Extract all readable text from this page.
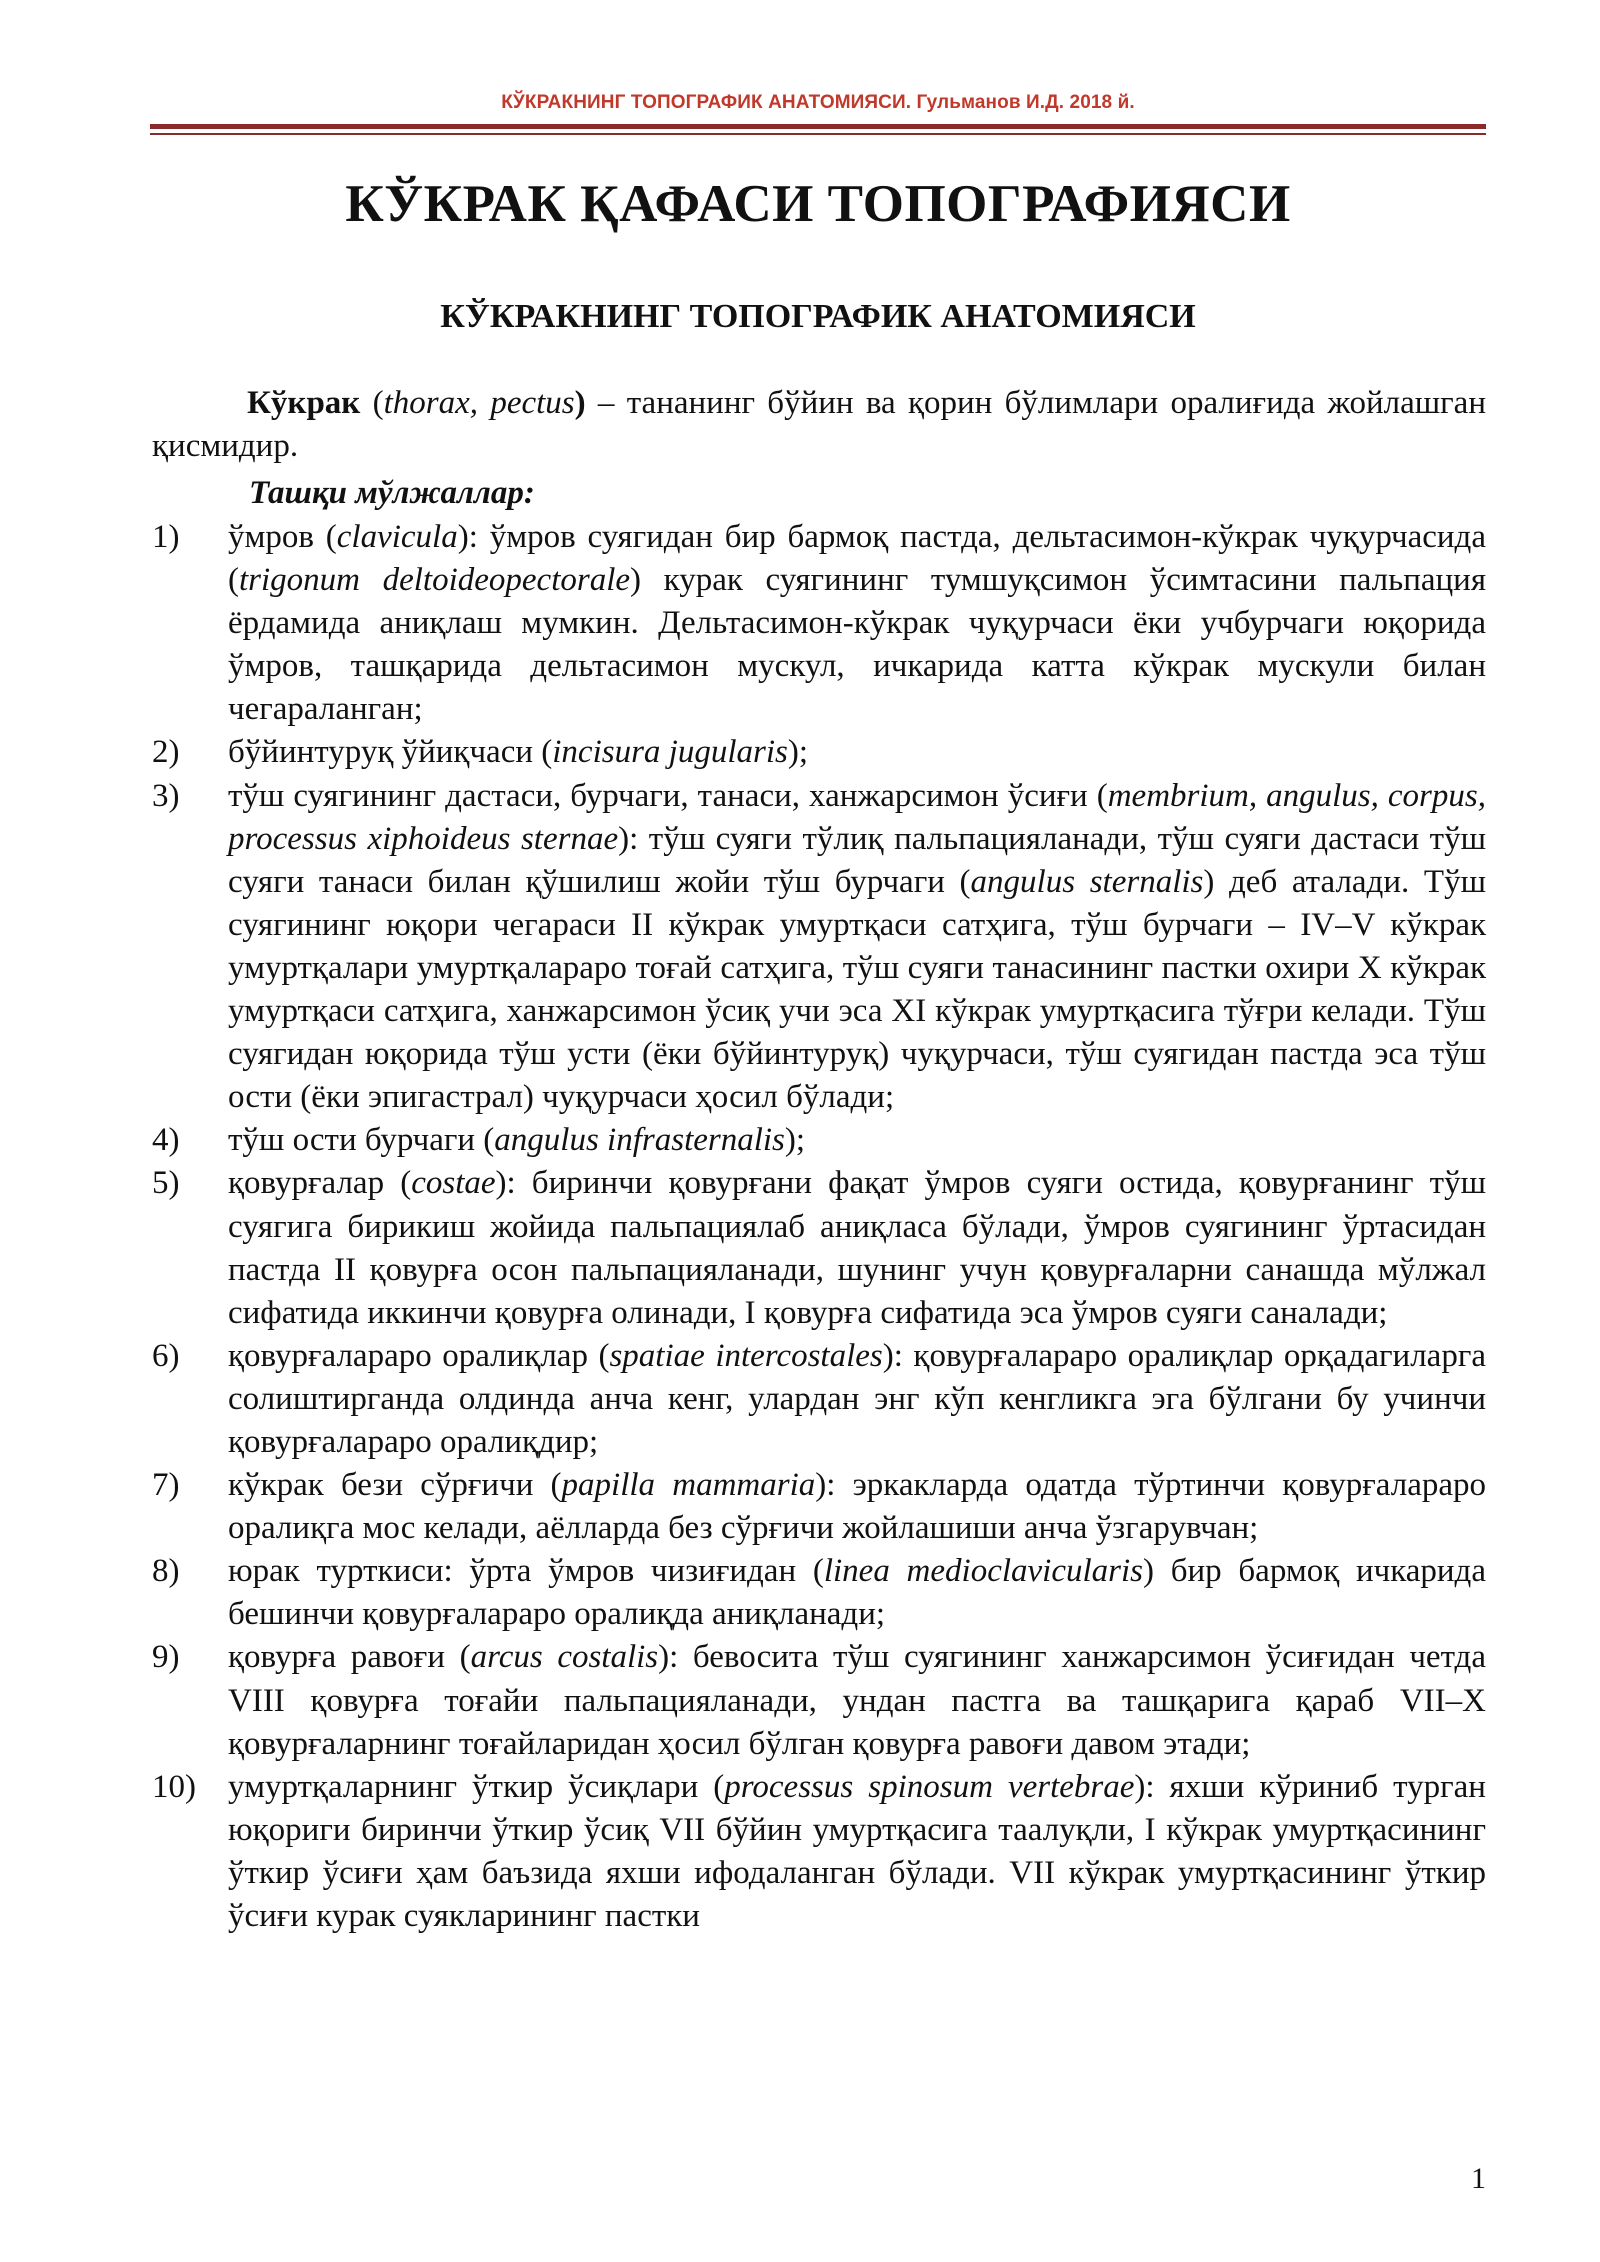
КЎКРАКНИНГ ТОПОГРАФИК АНАТОМИЯСИ. Гульманов И.Д. 2018 й.
КЎКРАК ҚАФАСИ ТОПОГРАФИЯСИ
КЎКРАКНИНГ ТОПОГРАФИК АНАТОМИЯСИ

Кўкрак (thorax, pectus) – тананинг бўйин ва қорин бўлимлари оралиғида жойлашган қисмидир.

Ташқи мўлжаллар:

1) ўмров (clavicula): ўмров суягидан бир бармоқ пастда, дельтасимон-кўкрак чуқурчасида (trigonum deltoideopectorale) курак суягининг тумшуқсимон ўсимтасини пальпация ёрдамида аниқлаш мумкин. Дельтасимон-кўкрак чуқурчаси ёки учбурчаги юқорида ўмров, ташқарида дельтасимон мускул, ичкарида катта кўкрак мускули билан чегараланган;
2) бўйинтуруқ ўйиқчаси (incisura jugularis);
3) тўш суягининг дастаси, бурчаги, танаси, ханжарсимон ўсиғи (membrium, angulus, corpus, processus xiphoideus sternae): тўш суяги тўлиқ пальпацияланади, тўш суяги дастаси тўш суяги танаси билан қўшилиш жойи тўш бурчаги (angulus sternalis) деб аталади. Тўш суягининг юқори чегараси II кўкрак умуртқаси сатҳига, тўш бурчаги – IV–V кўкрак умуртқалари умуртқалараро тоғай сатҳига, тўш суяги танасининг пастки охири X кўкрак умуртқаси сатҳига, ханжарсимон ўсиқ учи эса XI кўкрак умуртқасига тўғри келади. Тўш суягидан юқорида тўш усти (ёки бўйинтуруқ) чуқурчаси, тўш суягидан пастда эса тўш ости (ёки эпигастрал) чуқурчаси ҳосил бўлади;
4) тўш ости бурчаги (angulus infrasternalis);
5) қовурғалар (costae): биринчи қовурғани фақат ўмров суяги остида, қовурғанинг тўш суягига бирикиш жойида пальпациялаб аниқласа бўлади, ўмров суягининг ўртасидан пастда II қовурға осон пальпацияланади, шунинг учун қовурғаларни санашда мўлжал сифатида иккинчи қовурға олинади, I қовурға сифатида эса ўмров суяги саналади;
6) қовурғалараро оралиқлар (spatiae intercostales): қовурғалараро оралиқлар орқадагиларга солиштирганда олдинда анча кенг, улардан энг кўп кенгликга эга бўлгани бу учинчи қовурғалараро оралиқдир;
7) кўкрак бези сўрғичи (papilla mammaria): эркакларда одатда тўртинчи қовурғалараро оралиқга мос келади, аёлларда без сўрғичи жойлашиши анча ўзгарувчан;
8) юрак турткиси: ўрта ўмров чизиғидан (linea medioclavicularis) бир бармоқ ичкарида бешинчи қовурғалараро оралиқда аниқланади;
9) қовурға равоғи (arcus costalis): бевосита тўш суягининг ханжарсимон ўсиғидан четда VIII қовурға тоғайи пальпацияланади, ундан пастга ва ташқарига қараб VII–X қовурғаларнинг тоғайларидан ҳосил бўлган қовурға равоғи давом этади;
10) умуртқаларнинг ўткир ўсиқлари (processus spinosum vertebrae): яхши кўриниб турган юқориги биринчи ўткир ўсиқ VII бўйин умуртқасига таалуқли, I кўкрак умуртқасининг ўткир ўсиғи ҳам баъзида яхши ифодаланган бўлади. VII кўкрак умуртқасининг ўткир ўсиғи курак суякларининг пастки
1
